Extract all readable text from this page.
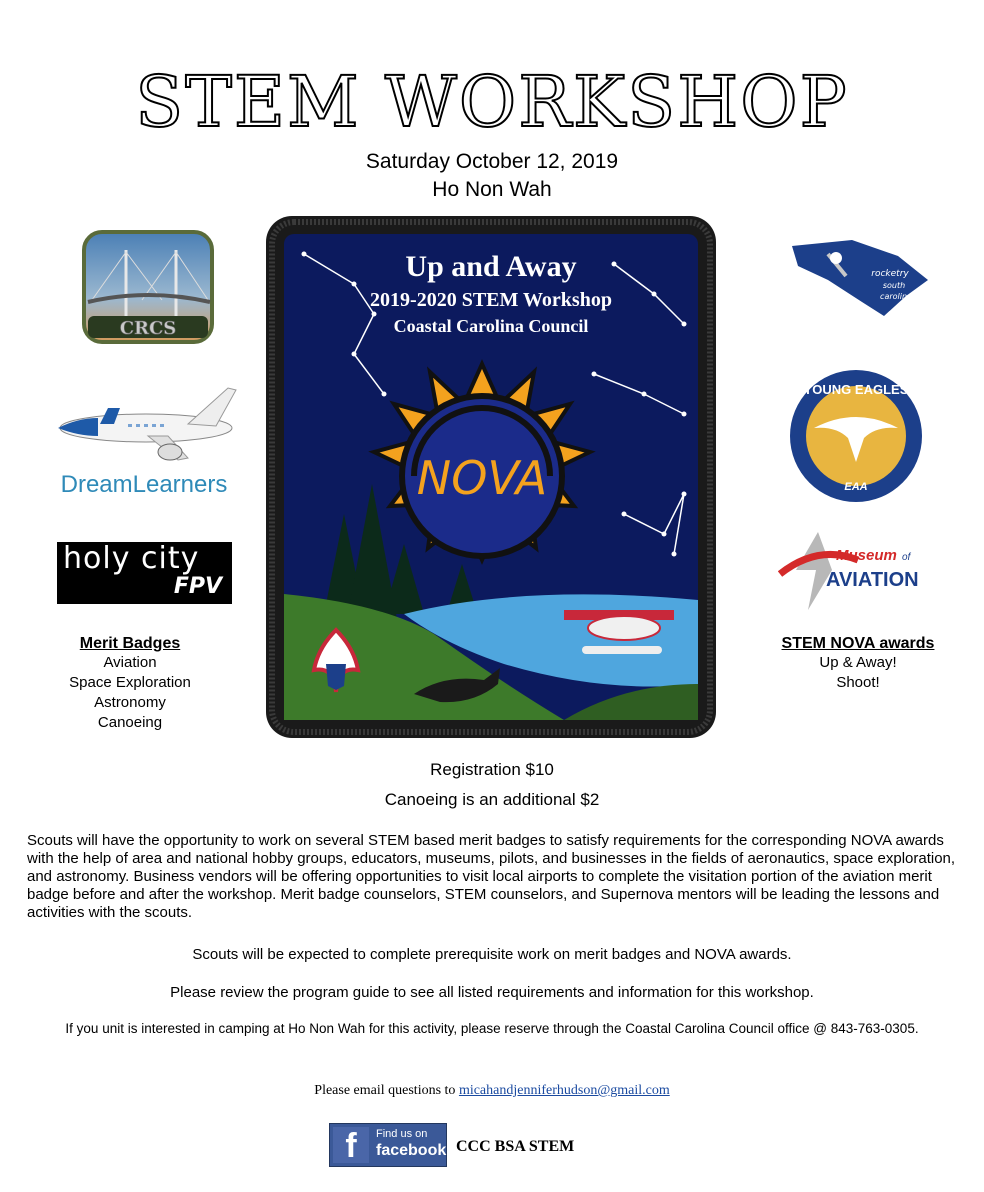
STEM WORKSHOP
Saturday October 12, 2019
Ho Non Wah
CRCS
DreamLearners
holy city
FPV
Merit Badges
Aviation
Space Exploration
Astronomy
Canoeing
Up and Away
2019-2020 STEM Workshop
Coastal Carolina Council
NOVA
rocketry
south
carolina
YOUNG EAGLES
EAA
Museum of
AVIATION
STEM NOVA awards
Up & Away!
Shoot!
Registration $10
Canoeing is an additional $2
Scouts will have the opportunity to work on several STEM based merit badges to satisfy requirements for the corresponding NOVA awards with the help of area and national hobby groups, educators, museums, pilots, and businesses in the fields of aeronautics, space exploration, and astronomy. Business vendors will be offering opportunities to visit local airports to complete the visitation portion of the aviation merit badge before and after the workshop. Merit badge counselors, STEM counselors, and Supernova mentors will be leading the lessons and activities with the scouts.
Scouts will be expected to complete prerequisite work on merit badges and NOVA awards.
Please review the program guide to see all listed requirements and information for this workshop.
If you unit is interested in camping at Ho Non Wah for this activity, please reserve through the Coastal Carolina Council office @ 843-763-0305.
Please email questions to micahandjenniferhudson@gmail.com
f	Find us on
facebook. CCC BSA STEM
